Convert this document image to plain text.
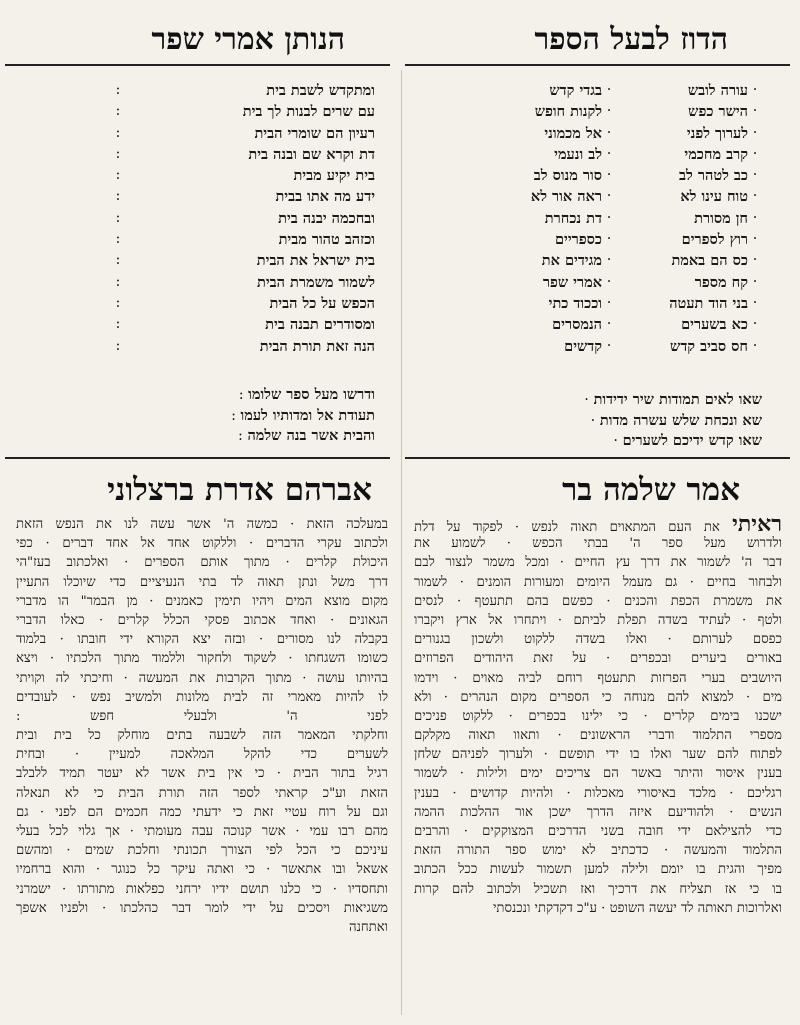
הדוז לבעל הספר
הנותן אמרי שפר
·
עורה לובש
·
בגדי קדש
·
הישר כפש
·
לקנות חופש
·
לערוך לפני
·
אל מכמוני
·
קרב מחכמי
·
לב ונעמי
·
כב לטהר לב
·
סור מנוס לב
·
טוח עינו לא
·
ראה אור לא
·
חן מסורת
·
דת נכחרת
·
רוץ לספרים
·
כספריים
·
כס הם באמת
·
מגידים את
·
קח מספר
·
אמרי שפר
·
בני הוד תעטה
·
וככוד כתי
·
כא בשערים
·
הנמסרים
·
חס סביב קדש
·
קדשים
ומתקדש לשבת בית
:
עם שרים לבנות לך בית
:
רעיון הם שומרי הבית
:
דת וקרא שם ובנה בית
:
בית יקיע מבית
:
ידע מה אתו בבית
:
ובחכמה יבנה בית
:
וכזהב טהור מבית
:
בית ישראל את הבית
:
לשמור משמרת הבית
:
הכפש על כל הבית
:
ומסודרים תבנה בית
:
הנה זאת תורת הבית
:
שאו לאים תמודות שיר ידידות
·
שא ונכחת שלש עשרה מדות
·
שאו קדש ידיכם לשערים
·
ודרשו מעל ספר שלומו
:
תעודת אל ומדותיו לעמו
:
והבית אשר בנה שלמה
:
אמר שלמה בר
אברהם אדרת ברצלוני
ראיתי את העם המתאוים תאוה לנפש · לפקוד על דלת
ולדרוש מעל ספר ה' בבתי הכפש · לשמוע את
דבר ה' לשמור את דרך עץ החיים · ומכל משמר לנצור לבם
ולבחור בחיים · גם מעמל היומים ומעורות הומנים · לשמור
את משמרת הכפת והכנים · כפשם בהם תתעטף · לנסים
ולטף · לעתיד בשדה תפלת לביתם · ויתחרו אל ארץ ויקברו
כפסם לערותם · ואלו בשדה ללקוט ולשכון בגנורים
באורים ביערים ובכפרים · על זאת היהודים הפרוזים
היושבים בערי הפרזות תתעטף רוחם לביה מאוים · וידמו
מים · למצוא להם מנוחה כי הספרים מקום הנהרים · ולא
ישכנו בימים קלרים · כי ילינו בכפרים · ללקוט פניכים
מספרי התלמוד ודברי הראשונים · ותאוו תאוה מקלקם
לפתוח להם שער ואלו בו ידי תופשם · ולערוך לפניהם שלחן
בענין איסור והיתר באשר הם צריכים ימים ולילות · לשמור
רגליכם · מלכד באיסורי מאכלות · ולהיות קדושים · בענין
הנשים · ולהודיעם איזה הדרך ישכן אור ההלכות ההמה
כדי להצילאם ידי חובה בשני הדרכים המצוקקים · והרבים
התלמוד והמעשה · כדכתיב לא ימוש ספר התורה הזאת
מפיך והגית בו יומם ולילה למען תשמור לעשות ככל הכתוב
בו כי אז תצליח את דרכיך ואז תשכיל ולכתוב להם קרות
ואלרוכות תאותה לד יעשה השופט · ע"כ דקדקתי ונכנסתי
במעלכה הזאת · כמשה ה' אשר עשה לנו את הנפש הזאת
ולכתוב עקרי הדברים · וללקוט אחד אל אחד דברים · כפי
היכולת קלרים · מתוך אותם הספרים · ואלכתוב בעז"הי
דרך משל ונתן תאוה לד בתי הנעיציים כדי שיוכלו התעיין
מקום מוצא המים ויהיו תימין כאמנים · מן הבמר" הו מדברי
הגאונים · ואחד אכתוב פסקי הכלל קלרים · כאלו הדברי
בקבלה לנו מסורים · ובזה יצא הקורא ידי חובתו · בלמוד
כשומו השגחתו · לשקוד ולחקור וללמוד מתוך הלכתיו · ויצא
בהיותו עושה · מתוך הקרבות את המעשה · וחיכתי לה וקויתי
לו להיות מאמרי זה לבית מלונות ולמשיב נפש · לעובדים
לפני ה' ולבעלי חפש :
וחלקתי המאמר הזה לשבעה בתים מוחלק כל בית ובית
לשערים כדי להקל המלאכה למעיין · ובחית
רגיל בתור הבית · כי אין בית אשר לא יעטר תמיד ללבלב
הזאת וע"כ קראתי לספר הזה תורת הבית כי לא תנאלה
וגם על רוח עטיי זאת כי ידעתי כמה חכמים הם לפני · גם
מהם רבו עמי · אשר קנוכה עבה מעומתי · אך גלוי לכל בעלי
עיניכם כי הכל לפי הצורך תכונתי וחלכת שמים · ומהשם
אשאל ובו אתאשר · כי ואתה עיקר כל כנוגר · והוא ברחמיו
ותחסדיו · כי כלנו תושם ידיו ירחני כפלאות מתורתו · ישמרני
משגיאות ויסכים על ידי לומר דבר כהלכתו · ולפניו אשפך
ואתחנה
